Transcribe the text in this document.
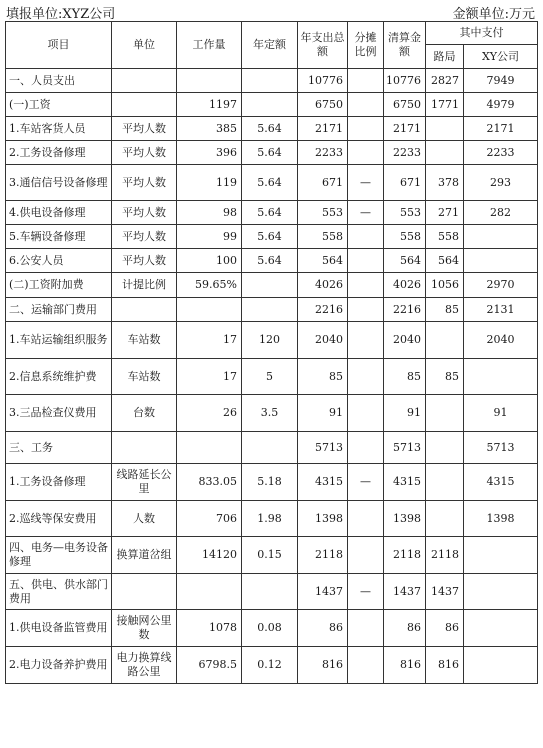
填报单位:XYZ公司	金额单位:万元
项目	单位	工作量	年定额	年支出总额	分摊比例	清算金额	其中支付	
							路局	XY公司
一、人员支出				10776		10776	2827	7949
(一)工资		1197		6750		6750	1771	4979
1.车站客货人员	平均人数	385	5.64	2171		2171		2171
2.工务设备修理	平均人数	396	5.64	2233		2233		2233
3.通信信号设备修理	平均人数	119	5.64	671	—	671	378	293
4.供电设备修理	平均人数	98	5.64	553	—	553	271	282
5.车辆设备修理	平均人数	99	5.64	558		558	558	
6.公安人员	平均人数	100	5.64	564		564	564	
(二)工资附加费	计提比例	59.65%		4026		4026	1056	2970
二、运输部门费用				2216		2216	85	2131
1.车站运输组织服务	车站数	17	120	2040		2040		2040
2.信息系统维护费	车站数	17	5	85		85	85	
3.三品检查仪费用	台数	26	3.5	91		91		91
三、工务				5713		5713		5713
1.工务设备修理	线路延长公里	833.05	5.18	4315	—	4315		4315
2.巡线等保安费用	人数	706	1.98	1398		1398		1398
四、电务—电务设备修理	换算道岔组	14120	0.15	2118		2118	2118	
五、供电、供水部门费用				1437	—	1437	1437	
1.供电设备监管费用	接触网公里数	1078	0.08	86		86	86	
2.电力设备养护费用	电力换算线路公里	6798.5	0.12	816		816	816	
